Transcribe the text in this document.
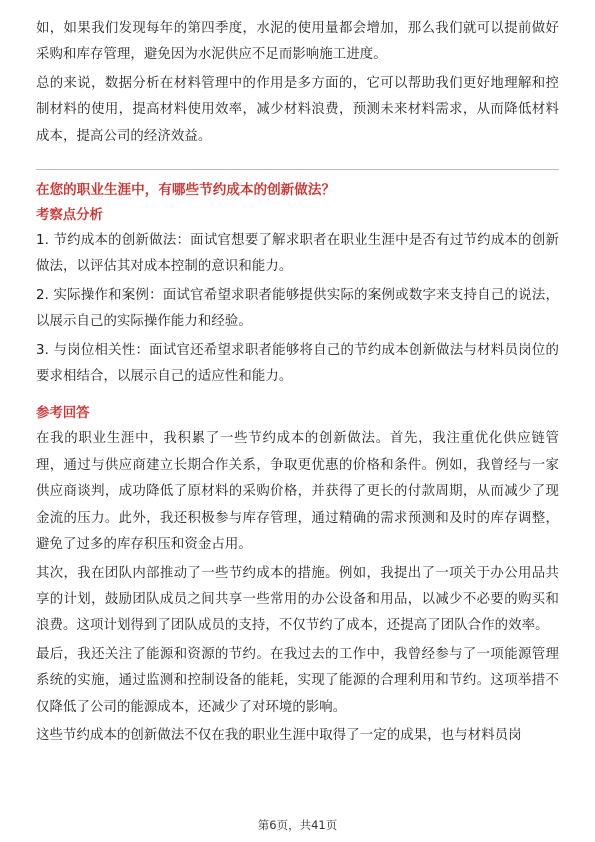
如，如果我们发现每年的第四季度，水泥的使用量都会增加，那么我们就可以提前做好采购和库存管理，避免因为水泥供应不足而影响施工进度。

总的来说，数据分析在材料管理中的作用是多方面的，它可以帮助我们更好地理解和控制材料的使用，提高材料使用效率，减少材料浪费，预测未来材料需求，从而降低材料成本，提高公司的经济效益。

在您的职业生涯中，有哪些节约成本的创新做法？
考察点分析

1. 节约成本的创新做法：面试官想要了解求职者在职业生涯中是否有过节约成本的创新做法，以评估其对成本控制的意识和能力。

2. 实际操作和案例：面试官希望求职者能够提供实际的案例或数字来支持自己的说法，以展示自己的实际操作能力和经验。

3. 与岗位相关性：面试官还希望求职者能够将自己的节约成本创新做法与材料员岗位的要求相结合，以展示自己的适应性和能力。

参考回答

在我的职业生涯中，我积累了一些节约成本的创新做法。首先，我注重优化供应链管理，通过与供应商建立长期合作关系，争取更优惠的价格和条件。例如，我曾经与一家供应商谈判，成功降低了原材料的采购价格，并获得了更长的付款周期，从而减少了现金流的压力。此外，我还积极参与库存管理，通过精确的需求预测和及时的库存调整，避免了过多的库存积压和资金占用。

其次，我在团队内部推动了一些节约成本的措施。例如，我提出了一项关于办公用品共享的计划，鼓励团队成员之间共享一些常用的办公设备和用品，以减少不必要的购买和浪费。这项计划得到了团队成员的支持，不仅节约了成本，还提高了团队合作的效率。

最后，我还关注了能源和资源的节约。在我过去的工作中，我曾经参与了一项能源管理系统的实施，通过监测和控制设备的能耗，实现了能源的合理利用和节约。这项举措不仅降低了公司的能源成本，还减少了对环境的影响。

这些节约成本的创新做法不仅在我的职业生涯中取得了一定的成果，也与材料员岗

第6页，共41页
